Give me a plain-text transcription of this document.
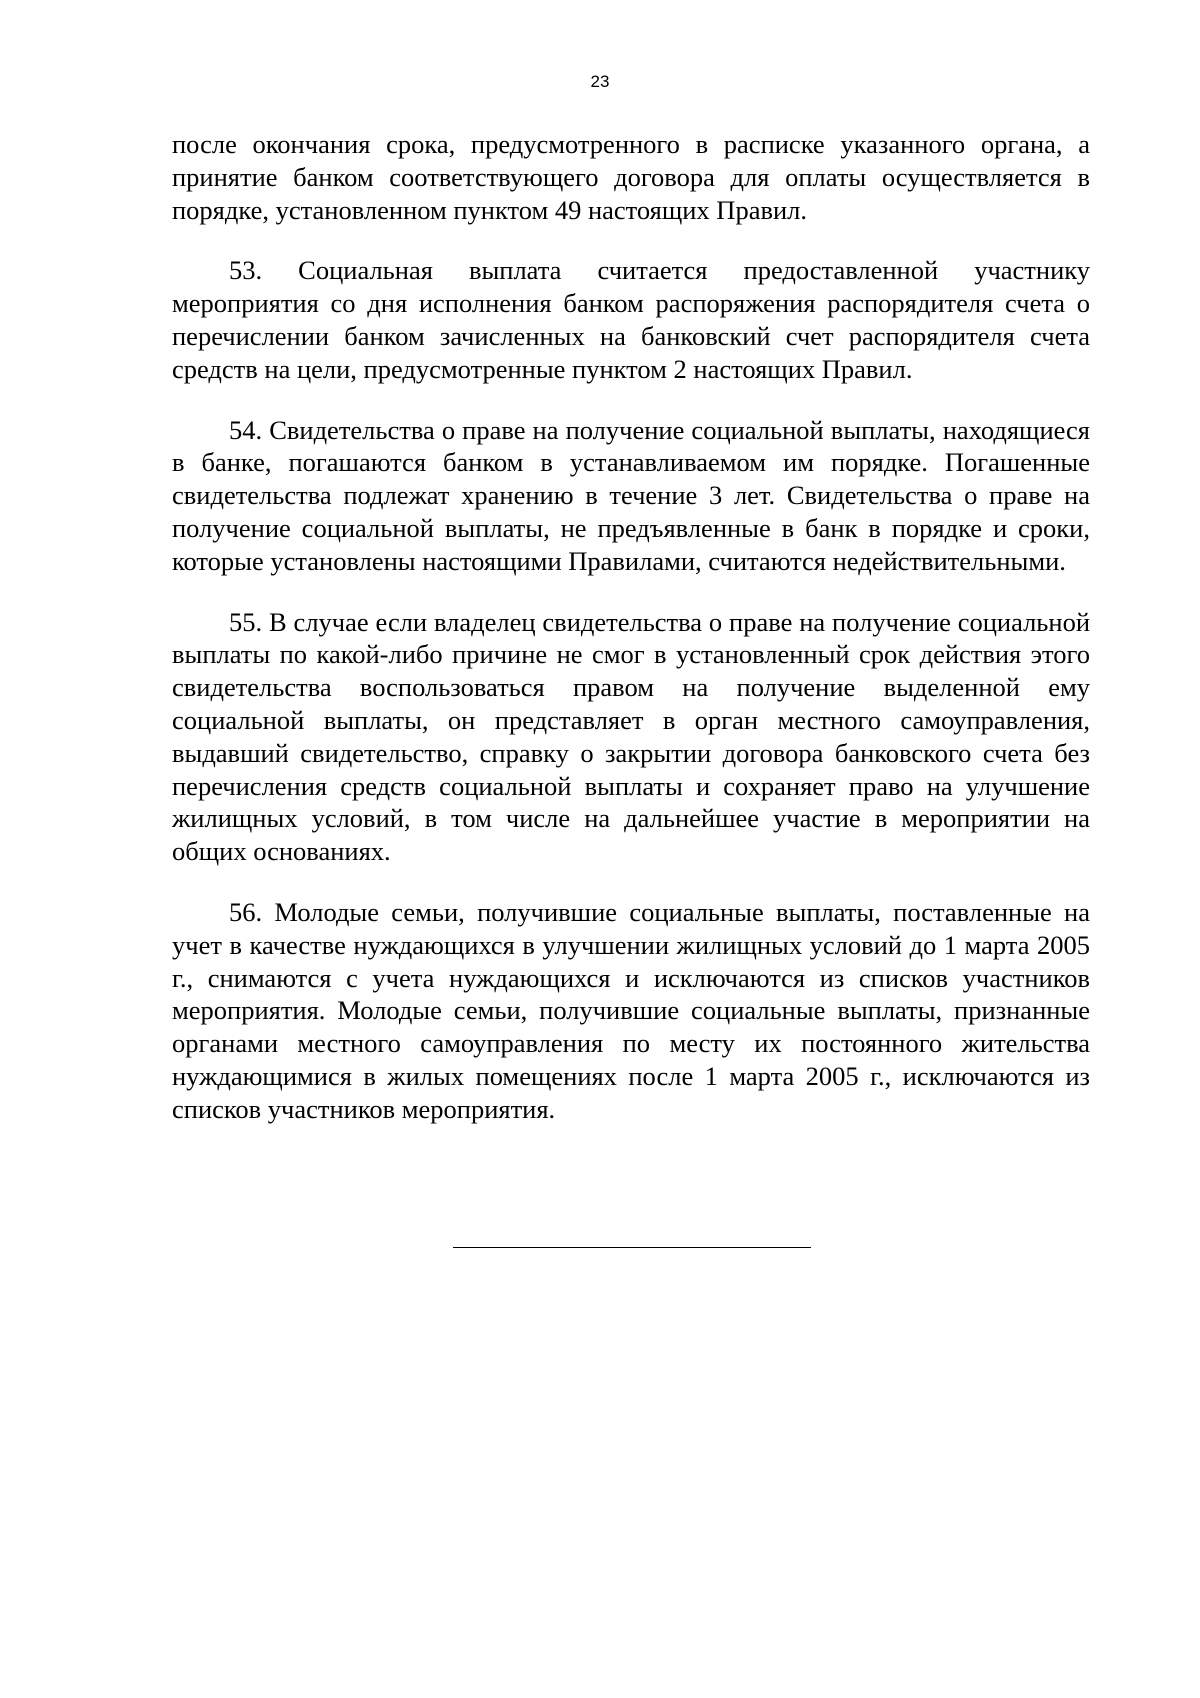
23

после окончания срока, предусмотренного в расписке указанного органа, а принятие банком соответствующего договора для оплаты осуществляется в порядке, установленном пунктом 49 настоящих Правил.

53. Социальная выплата считается предоставленной участнику мероприятия со дня исполнения банком распоряжения распорядителя счета о перечислении банком зачисленных на банковский счет распорядителя счета средств на цели, предусмотренные пунктом 2 настоящих Правил.

54. Свидетельства о праве на получение социальной выплаты, находящиеся в банке, погашаются банком в устанавливаемом им порядке. Погашенные свидетельства подлежат хранению в течение 3 лет. Свидетельства о праве на получение социальной выплаты, не предъявленные в банк в порядке и сроки, которые установлены настоящими Правилами, считаются недействительными.

55. В случае если владелец свидетельства о праве на получение социальной выплаты по какой-либо причине не смог в установленный срок действия этого свидетельства воспользоваться правом на получение выделенной ему социальной выплаты, он представляет в орган местного самоуправления, выдавший свидетельство, справку о закрытии договора банковского счета без перечисления средств социальной выплаты и сохраняет право на улучшение жилищных условий, в том числе на дальнейшее участие в мероприятии на общих основаниях.

56. Молодые семьи, получившие социальные выплаты, поставленные на учет в качестве нуждающихся в улучшении жилищных условий до 1 марта 2005 г., снимаются с учета нуждающихся и исключаются из списков участников мероприятия. Молодые семьи, получившие социальные выплаты, признанные органами местного самоуправления по месту их постоянного жительства нуждающимися в жилых помещениях после 1 марта 2005 г., исключаются из списков участников мероприятия.
